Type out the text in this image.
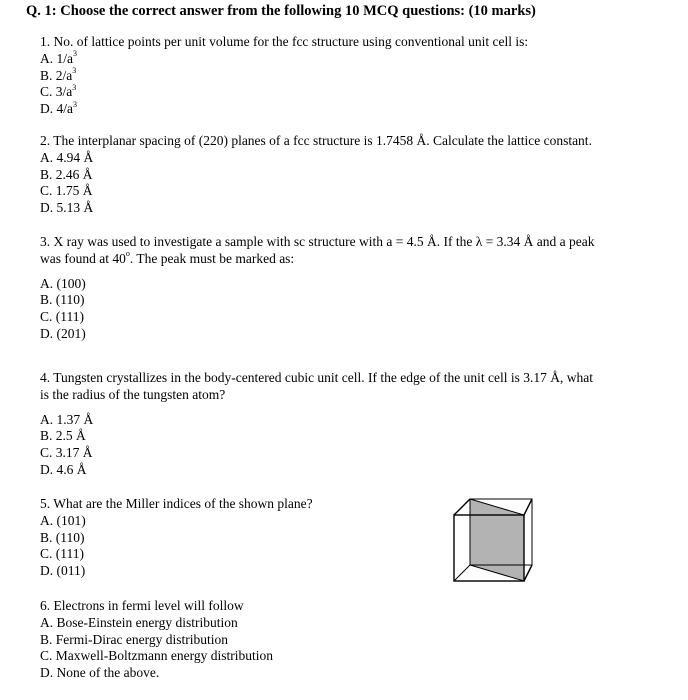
Q. 1: Choose the correct answer from the following 10 MCQ questions: (10 marks)
1. No. of lattice points per unit volume for the fcc structure using conventional unit cell is:
A. $1/a^3$
B. $2/a^3$
C. $3/a^3$
D. $4/a^3$
2. The interplanar spacing of (220) planes of a fcc structure is 1.7458 Å. Calculate the lattice constant.
A. 4.94 Å
B. 2.46 Å
C. 1.75 Å
D. 5.13 Å
3. X ray was used to investigate a sample with sc structure with a = 4.5 Å. If the λ = 3.34 Å and a peak
was found at 40$^o$. The peak must be marked as:
A. (100)
B. (110)
C. (111)
D. (201)
4. Tungsten crystallizes in the body-centered cubic unit cell. If the edge of the unit cell is 3.17 Å, what
is the radius of the tungsten atom?
A. 1.37 Å
B. 2.5 Å
C. 3.17 Å
D. 4.6 Å
5. What are the Miller indices of the shown plane?
A. (101)
B. (110)
C. (111)
D. (011)
6. Electrons in fermi level will follow
A. Bose-Einstein energy distribution
B. Fermi-Dirac energy distribution
C. Maxwell-Boltzmann energy distribution
D. None of the above.
